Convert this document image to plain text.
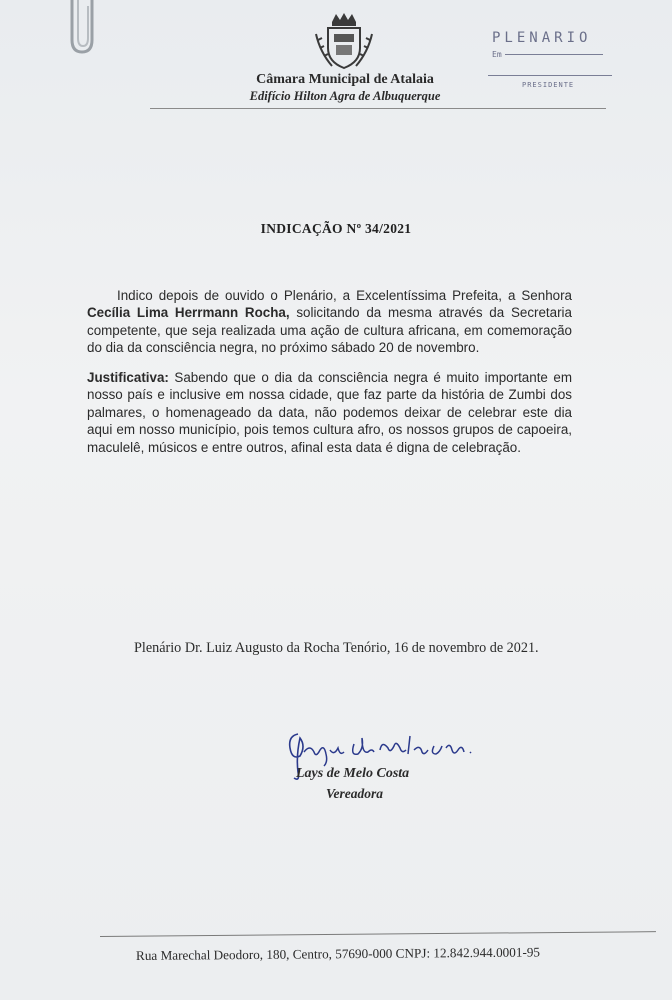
Câmara Municipal de Atalaia
Edifício Hilton Agra de Albuquerque
PLENARIO
Em
PRESIDENTE
INDICAÇÃO Nº 34/2021
Indico depois de ouvido o Plenário, a Excelentíssima Prefeita, a Senhora Cecília Lima Herrmann Rocha, solicitando da mesma através da Secretaria competente, que seja realizada uma ação de cultura africana, em comemoração do dia da consciência negra, no próximo sábado 20 de novembro.
Justificativa: Sabendo que o dia da consciência negra é muito importante em nosso país e inclusive em nossa cidade, que faz parte da história de Zumbi dos palmares, o homenageado da data, não podemos deixar de celebrar este dia aqui em nosso município, pois temos cultura afro, os nossos grupos de capoeira, maculelê, músicos e entre outros, afinal esta data é digna de celebração.
Plenário Dr. Luiz Augusto da Rocha Tenório, 16 de novembro de 2021.
Lays de Melo Costa
Vereadora
Rua Marechal Deodoro, 180, Centro, 57690-000 CNPJ: 12.842.944.0001-95
